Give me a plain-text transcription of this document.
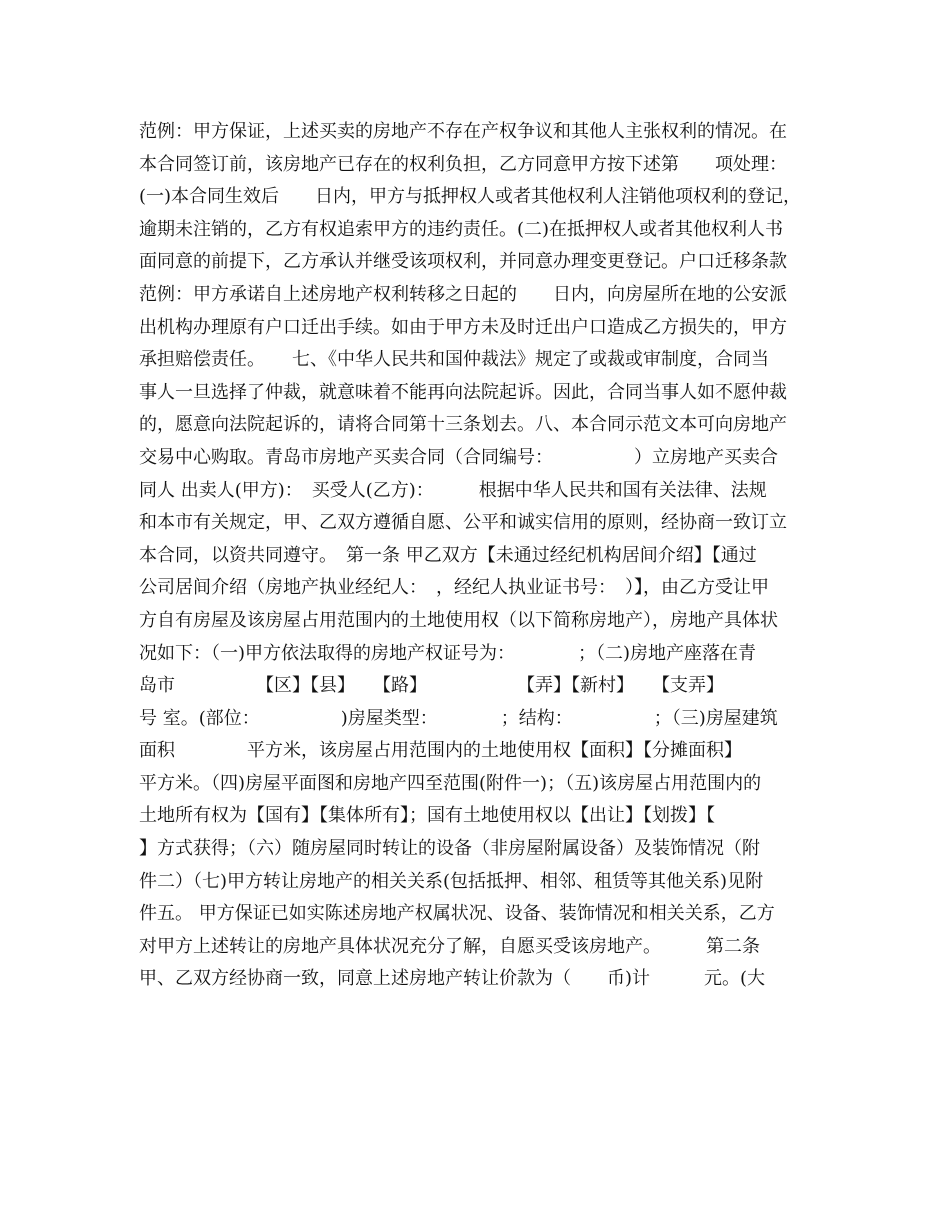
范例：甲方保证，上述买卖的房地产不存在产权争议和其他人主张权利的情况。在
本合同签订前，该房地产已存在的权利负担，乙方同意甲方按下述第　　项处理：
(一)本合同生效后　　日内，甲方与抵押权人或者其他权利人注销他项权利的登记，
逾期未注销的，乙方有权追索甲方的违约责任。(二)在抵押权人或者其他权利人书
面同意的前提下，乙方承认并继受该项权利，并同意办理变更登记。户口迁移条款
范例：甲方承诺自上述房地产权利转移之日起的　　日内，向房屋所在地的公安派
出机构办理原有户口迁出手续。如由于甲方未及时迁出户口造成乙方损失的，甲方
承担赔偿责任。　　七、《中华人民共和国仲裁法》规定了或裁或审制度，合同当
事人一旦选择了仲裁，就意味着不能再向法院起诉。因此，合同当事人如不愿仲裁
的，愿意向法院起诉的，请将合同第十三条划去。八、本合同示范文本可向房地产
交易中心购取。青岛市房地产买卖合同（合同编号：　　　　　）立房地产买卖合
同人 出卖人(甲方)：　买受人(乙方)：　　　根据中华人民共和国有关法律、法规
和本市有关规定，甲、乙双方遵循自愿、公平和诚实信用的原则，经协商一致订立
本合同，以资共同遵守。　第一条 甲乙双方【未通过经纪机构居间介绍】【通过
公司居间介绍（房地产执业经纪人：　，经纪人执业证书号：　）】，由乙方受让甲
方自有房屋及该房屋占用范围内的土地使用权（以下简称房地产），房地产具体状
况如下：（一)甲方依法取得的房地产权证号为：　　　　；（二)房地产座落在青
岛市　　　　　【区】【县】　　【路】　　　　　　【弄】【新村】　　【支弄】
号 室。(部位：　　　　　)房屋类型：　　　　；结构：　　　　　；（三)房屋建筑
面积　　　　平方米，该房屋占用范围内的土地使用权【面积】【分摊面积】
平方米。（四)房屋平面图和房地产四至范围(附件一)；（五)该房屋占用范围内的
土地所有权为【国有】【集体所有】；国有土地使用权以【出让】【划拨】【
】方式获得；（六）随房屋同时转让的设备（非房屋附属设备）及装饰情况（附
件二）（七)甲方转让房地产的相关关系(包括抵押、相邻、租赁等其他关系)见附
件五。 甲方保证已如实陈述房地产权属状况、设备、装饰情况和相关关系，乙方
对甲方上述转让的房地产具体状况充分了解，自愿买受该房地产。　　　第二条
甲、乙双方经协商一致，同意上述房地产转让价款为（　　币)计　　　元。(大
